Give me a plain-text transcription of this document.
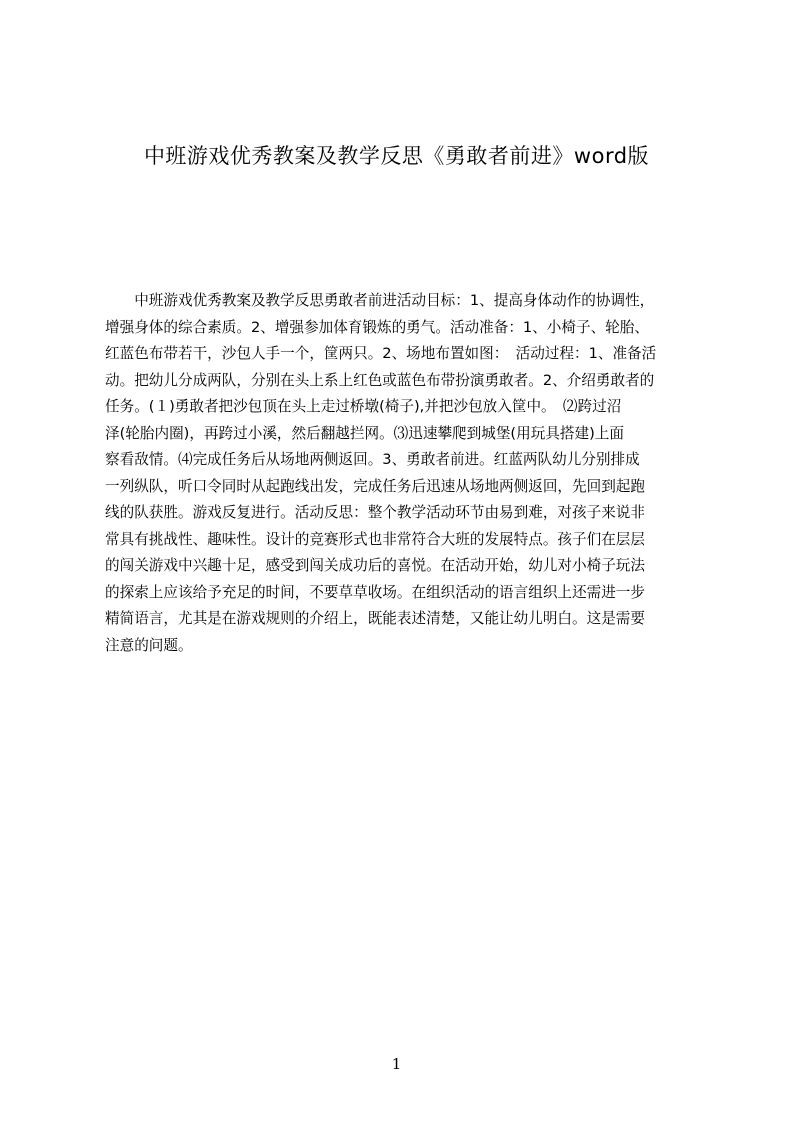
中班游戏优秀教案及教学反思《勇敢者前进》word版
　　中班游戏优秀教案及教学反思勇敢者前进活动目标：1、提高身体动作的协调性，
增强身体的综合素质。2、增强参加体育锻炼的勇气。活动准备：1、小椅子、轮胎、
红蓝色布带若干，沙包人手一个，筐两只。2、场地布置如图：　活动过程：1、准备活
动。把幼儿分成两队，分别在头上系上红色或蓝色布带扮演勇敢者。2、介绍勇敢者的
任务。(１)勇敢者把沙包顶在头上走过桥墩(椅子),并把沙包放入筐中。　⑵跨过沼
泽(轮胎内圈)，再跨过小溪，然后翻越拦网。⑶迅速攀爬到城堡(用玩具搭建)上面
察看敌情。⑷完成任务后从场地两侧返回。3、勇敢者前进。红蓝两队幼儿分别排成
一列纵队，听口令同时从起跑线出发，完成任务后迅速从场地两侧返回，先回到起跑
线的队获胜。游戏反复进行。活动反思：整个教学活动环节由易到难，对孩子来说非
常具有挑战性、趣味性。设计的竞赛形式也非常符合大班的发展特点。孩子们在层层
的闯关游戏中兴趣十足，感受到闯关成功后的喜悦。在活动开始，幼儿对小椅子玩法
的探索上应该给予充足的时间，不要草草收场。在组织活动的语言组织上还需进一步
精简语言，尤其是在游戏规则的介绍上，既能表述清楚，又能让幼儿明白。这是需要
注意的问题。
1
